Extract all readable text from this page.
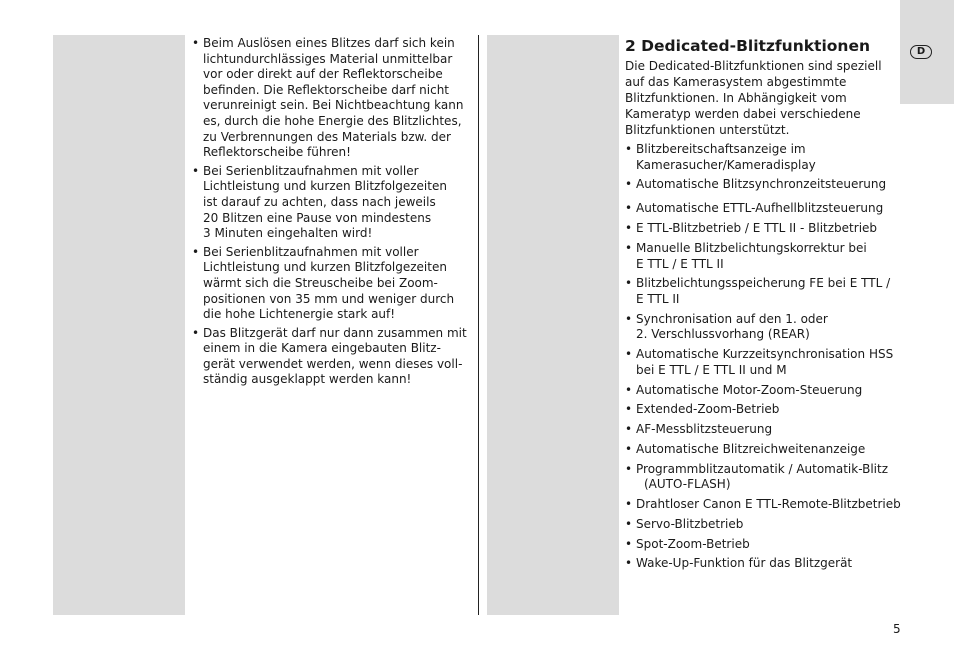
D
• Beim Auslösen eines Blitzes darf sich kein
lichtundurchlässiges Material unmittelbar
vor oder direkt auf der Reflektorscheibe
befinden. Die Reflektorscheibe darf nicht
verunreinigt sein. Bei Nichtbeachtung kann
es, durch die hohe Energie des Blitzlichtes,
zu Verbrennungen des Materials bzw. der
Reflektorscheibe führen!
• Bei Serienblitzaufnahmen mit voller
Lichtleistung und kurzen Blitzfolgezeiten
ist darauf zu achten, dass nach jeweils
20 Blitzen eine Pause von mindestens
3 Minuten eingehalten wird!
• Bei Serienblitzaufnahmen mit voller
Lichtleistung und kurzen Blitzfolgezeiten
wärmt sich die Streuscheibe bei Zoom-
positionen von 35 mm und weniger durch
die hohe Lichtenergie stark auf!
• Das Blitzgerät darf nur dann zusammen mit
einem in die Kamera eingebauten Blitz-
gerät verwendet werden, wenn dieses voll-
ständig ausgeklappt werden kann!
2 Dedicated-Blitzfunktionen
Die Dedicated-Blitzfunktionen sind speziell
auf das Kamerasystem abgestimmte
Blitzfunktionen. In Abhängigkeit vom
Kameratyp werden dabei verschiedene
Blitzfunktionen unterstützt.
• Blitzbereitschaftsanzeige im
Kamerasucher/Kameradisplay
• Automatische Blitzsynchronzeitsteuerung
• Automatische ETTL-Aufhellblitzsteuerung
• E TTL-Blitzbetrieb / E TTL II - Blitzbetrieb
• Manuelle Blitzbelichtungskorrektur bei
E TTL / E TTL II
• Blitzbelichtungsspeicherung FE bei E TTL /
E TTL II
• Synchronisation auf den 1. oder
2. Verschlussvorhang (REAR)
• Automatische Kurzzeitsynchronisation HSS
bei E TTL / E TTL II und M
• Automatische Motor-Zoom-Steuerung
• Extended-Zoom-Betrieb
• AF-Messblitzsteuerung
• Automatische Blitzreichweitenanzeige
• Programmblitzautomatik / Automatik-Blitz
(AUTO-FLASH)
• Drahtloser Canon E TTL-Remote-Blitzbetrieb
• Servo-Blitzbetrieb
• Spot-Zoom-Betrieb
• Wake-Up-Funktion für das Blitzgerät
5
